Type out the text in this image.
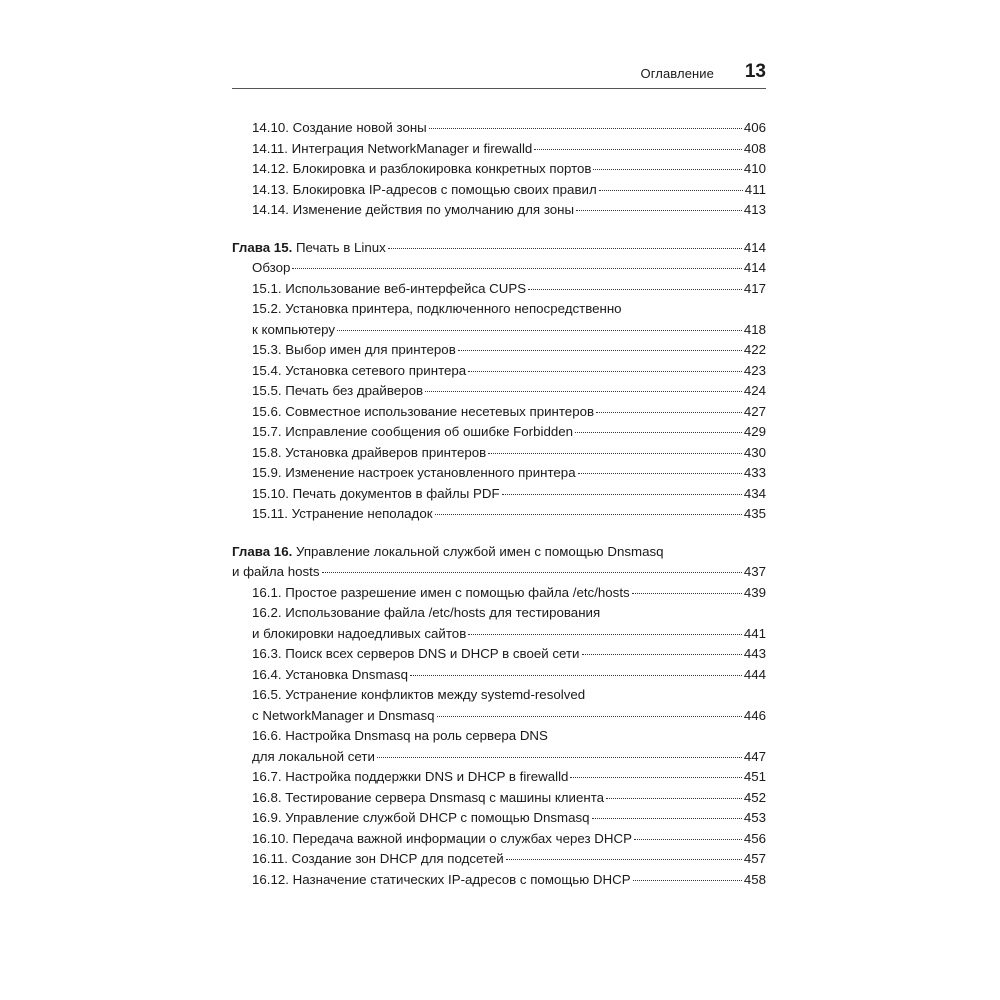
Оглавление 13
14.10. Создание новой зоны	406
14.11. Интеграция NetworkManager и firewalld	408
14.12. Блокировка и разблокировка конкретных портов	410
14.13. Блокировка IP-адресов с помощью своих правил	411
14.14. Изменение действия по умолчанию для зоны	413
Глава 15. Печать в Linux	414
Обзор	414
15.1. Использование веб-интерфейса CUPS	417
15.2. Установка принтера, подключенного непосредственно
к компьютеру	418
15.3. Выбор имен для принтеров	422
15.4. Установка сетевого принтера	423
15.5. Печать без драйверов	424
15.6. Совместное использование несетевых принтеров	427
15.7. Исправление сообщения об ошибке Forbidden	429
15.8. Установка драйверов принтеров	430
15.9. Изменение настроек установленного принтера	433
15.10. Печать документов в файлы PDF	434
15.11. Устранение неполадок	435
Глава 16. Управление локальной службой имен с помощью Dnsmasq
и файла hosts	437
16.1. Простое разрешение имен с помощью файла /etc/hosts	439
16.2. Использование файла /etc/hosts для тестирования
и блокировки надоедливых сайтов	441
16.3. Поиск всех серверов DNS и DHCP в своей сети	443
16.4. Установка Dnsmasq	444
16.5. Устранение конфликтов между systemd-resolved
с NetworkManager и Dnsmasq	446
16.6. Настройка Dnsmasq на роль сервера DNS
для локальной сети	447
16.7. Настройка поддержки DNS и DHCP в firewalld	451
16.8. Тестирование сервера Dnsmasq с машины клиента	452
16.9. Управление службой DHCP с помощью Dnsmasq	453
16.10. Передача важной информации о службах через DHCP	456
16.11. Создание зон DHCP для подсетей	457
16.12. Назначение статических IP-адресов с помощью DHCP	458
